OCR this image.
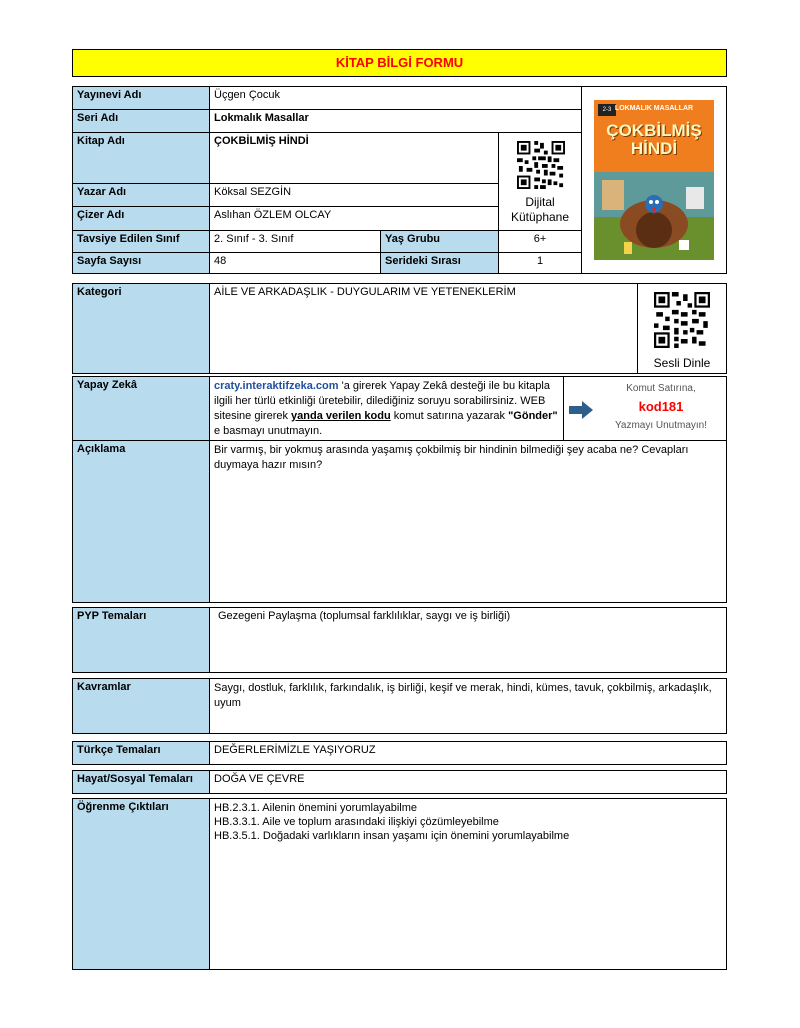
KİTAP BİLGİ FORMU
Yayınevi Adı	Üçgen Çocuk
Seri Adı	Lokmalık Masallar
Kitap Adı	ÇOKBİLMİŞ HİNDİ
Dijital
Kütüphane
Yazar Adı	Köksal SEZGİN
Çizer Adı	Aslıhan ÖZLEM OLCAY
Tavsiye Edilen Sınıf	2. Sınıf - 3. Sınıf	Yaş Grubu	6+
Sayfa Sayısı	48	Serideki Sırası	1
2-3 LOKMALIK MASALLAR
ÇOKBİLMİŞ
HİNDİ
Kategori	AİLE VE ARKADAŞLIK - DUYGULARIM VE YETENEKLERİM
Sesli Dinle
Yapay Zekâ	craty.interaktifzeka.com 'a girerek Yapay Zekâ desteği ile bu kitapla ilgili her türlü etkinliği üretebilir, dilediğiniz soruyu sorabilirsiniz. WEB sitesine girerek yanda verilen kodu komut satırına yazarak "Gönder" e basmayı unutmayın.
Komut Satırına,
kod181
Yazmayı Unutmayın!
Açıklama	Bir varmış, bir yokmuş arasında yaşamış çokbilmiş bir hindinin bilmediği şey acaba ne? Cevapları duymaya hazır mısın?
PYP Temaları	Gezegeni Paylaşma (toplumsal farklılıklar, saygı ve iş birliği)
Kavramlar	Saygı, dostluk, farklılık, farkındalık, iş birliği, keşif ve merak, hindi, kümes, tavuk, çokbilmiş, arkadaşlık, uyum
Türkçe Temaları	DEĞERLERİMİZLE YAŞIYORUZ
Hayat/Sosyal Temaları	DOĞA VE ÇEVRE
Öğrenme Çıktıları	HB.2.3.1. Ailenin önemini yorumlayabilme
HB.3.3.1. Aile ve toplum arasındaki ilişkiyi çözümleyebilme
HB.3.5.1. Doğadaki varlıkların insan yaşamı için önemini yorumlayabilme
